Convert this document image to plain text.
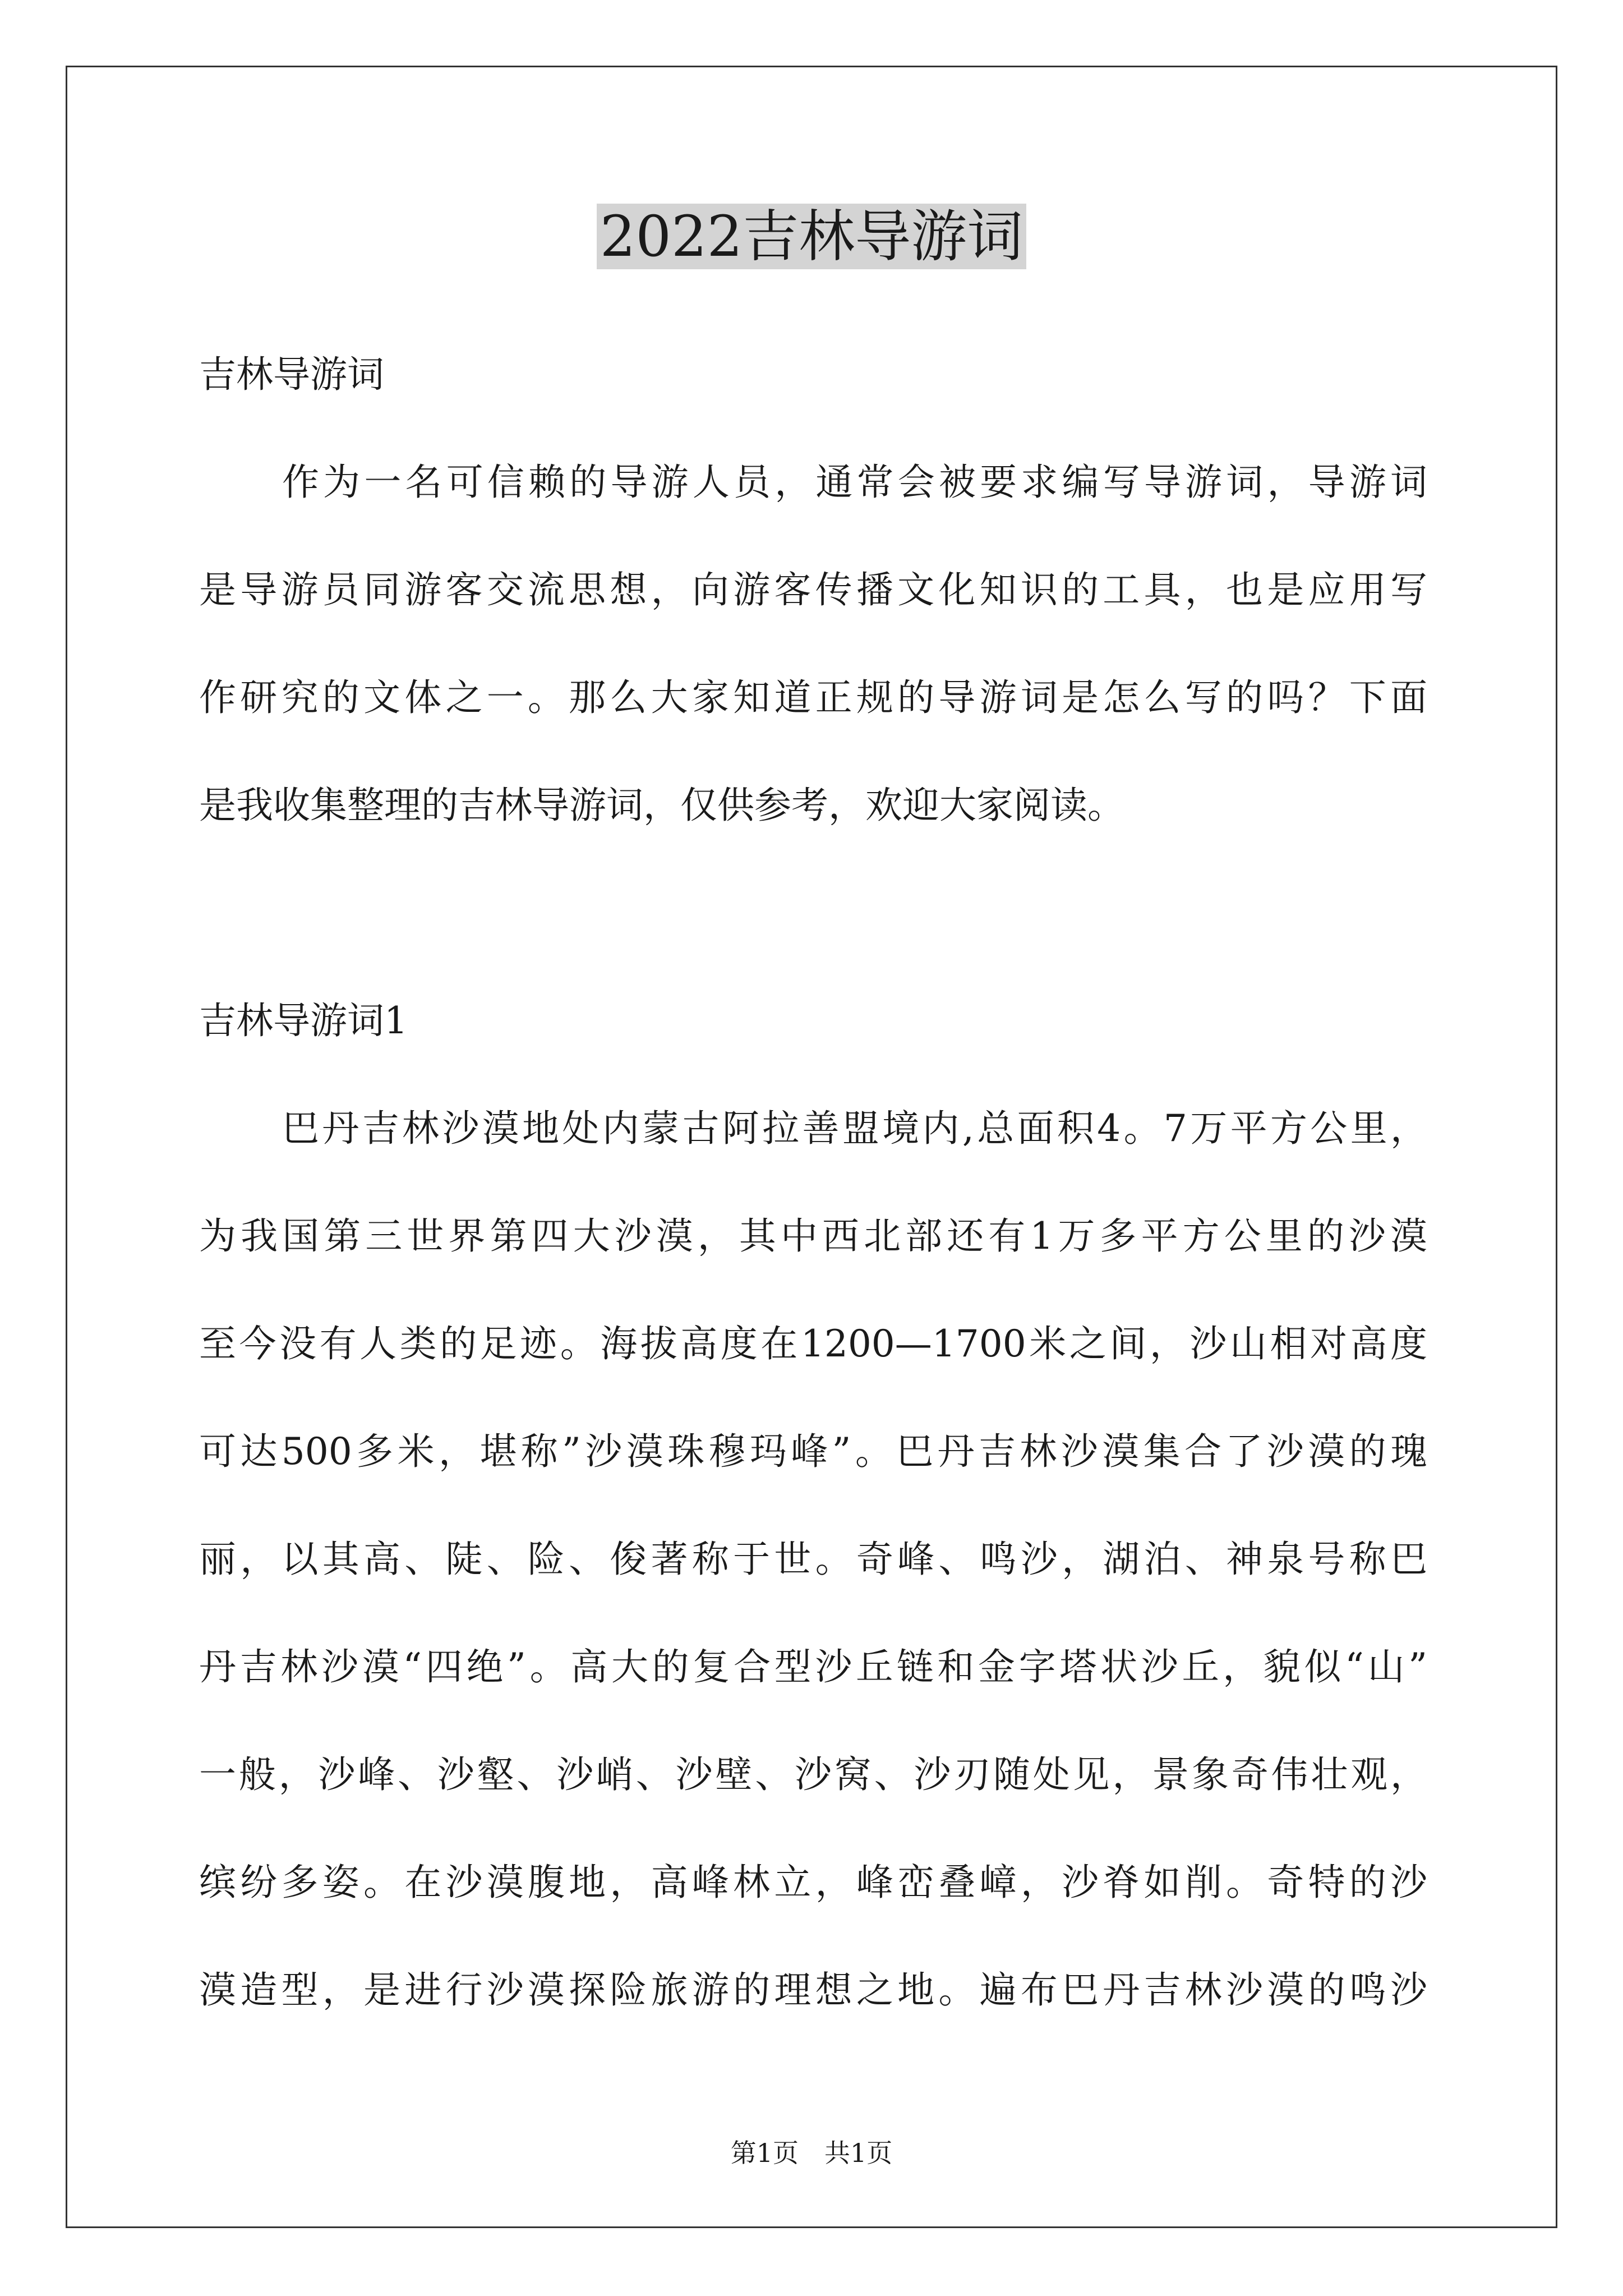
2022吉林导游词
吉林导游词
作为一名可信赖的导游人员，通常会被要求编写导游词，导游词
是导游员同游客交流思想，向游客传播文化知识的工具，也是应用写
作研究的文体之一。那么大家知道正规的导游词是怎么写的吗？下面
是我收集整理的吉林导游词，仅供参考，欢迎大家阅读。
吉林导游词1
巴丹吉林沙漠地处内蒙古阿拉善盟境内,总面积4。7万平方公里，
为我国第三世界第四大沙漠，其中西北部还有1万多平方公里的沙漠
至今没有人类的足迹。海拔高度在1200—1700米之间，沙山相对高度
可达500多米，堪称”沙漠珠穆玛峰”。巴丹吉林沙漠集合了沙漠的瑰
丽，以其高、陡、险、俊著称于世。奇峰、鸣沙，湖泊、神泉号称巴
丹吉林沙漠“四绝”。高大的复合型沙丘链和金字塔状沙丘，貌似“山”
一般，沙峰、沙壑、沙峭、沙壁、沙窝、沙刃随处见，景象奇伟壮观，
缤纷多姿。在沙漠腹地，高峰林立，峰峦叠嶂，沙脊如削。奇特的沙
漠造型，是进行沙漠探险旅游的理想之地。遍布巴丹吉林沙漠的鸣沙
第1页　共1页
